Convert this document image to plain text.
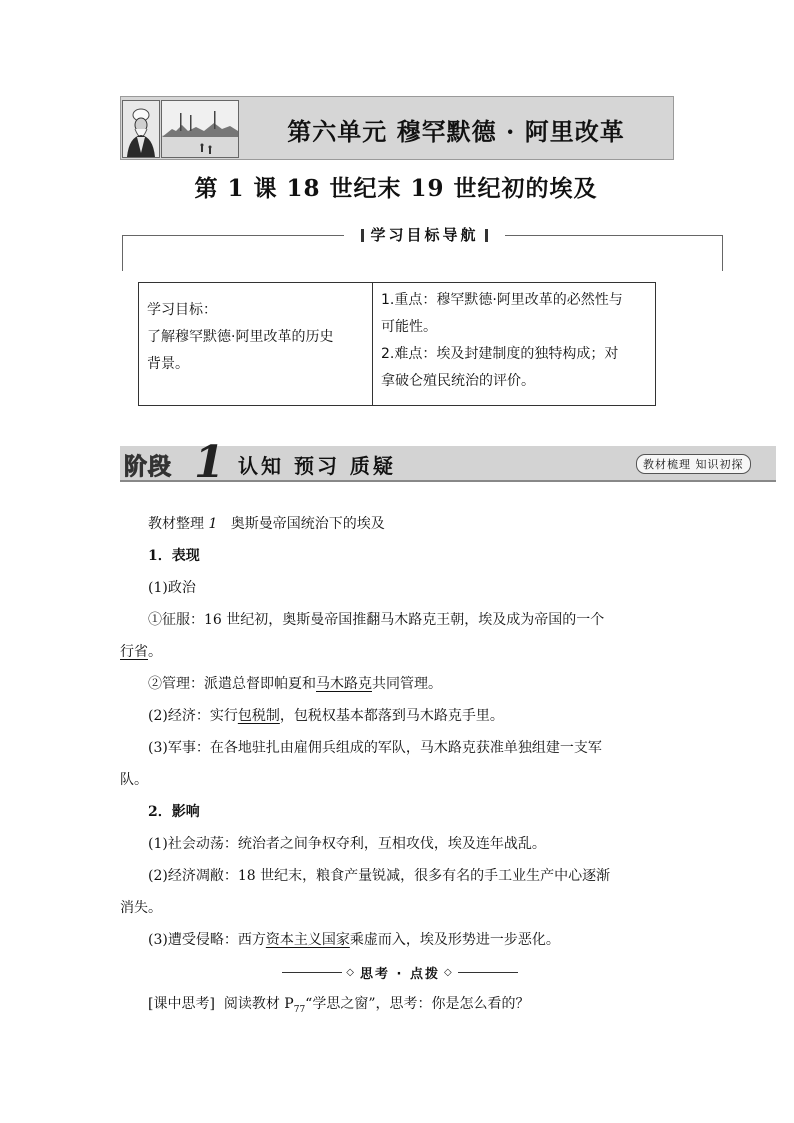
第六单元 穆罕默德 · 阿里改革
第 1 课 18 世纪末 19 世纪初的埃及
学习目标导航

学习目标：

了解穆罕默德·阿里改革的历史

背景。

1.重点：穆罕默德·阿里改革的必然性与

可能性。

2.难点：埃及封建制度的独特构成；对

拿破仑殖民统治的评价。

阶段 1 认知 预习 质疑	教材梳理 知识初探
教材整理 1 奥斯曼帝国统治下的埃及
1．表现
(1)政治
①征服：16 世纪初，奥斯曼帝国推翻马木路克王朝，埃及成为帝国的一个
行省。
②管理：派遣总督即帕夏和马木路克共同管理。
(2)经济：实行包税制，包税权基本都落到马木路克手里。
(3)军事：在各地驻扎由雇佣兵组成的军队，马木路克获准单独组建一支军
队。
2．影响
(1)社会动荡：统治者之间争权夺利，互相攻伐，埃及连年战乱。
(2)经济凋敝：18 世纪末，粮食产量锐减，很多有名的手工业生产中心逐渐
消失。
(3)遭受侵略：西方资本主义国家乘虚而入，埃及形势进一步恶化。
◇ 思考 · 点拨 ◇
[课中思考] 阅读教材 $P_{77}“$学思之窗”，思考：你是怎么看的？
